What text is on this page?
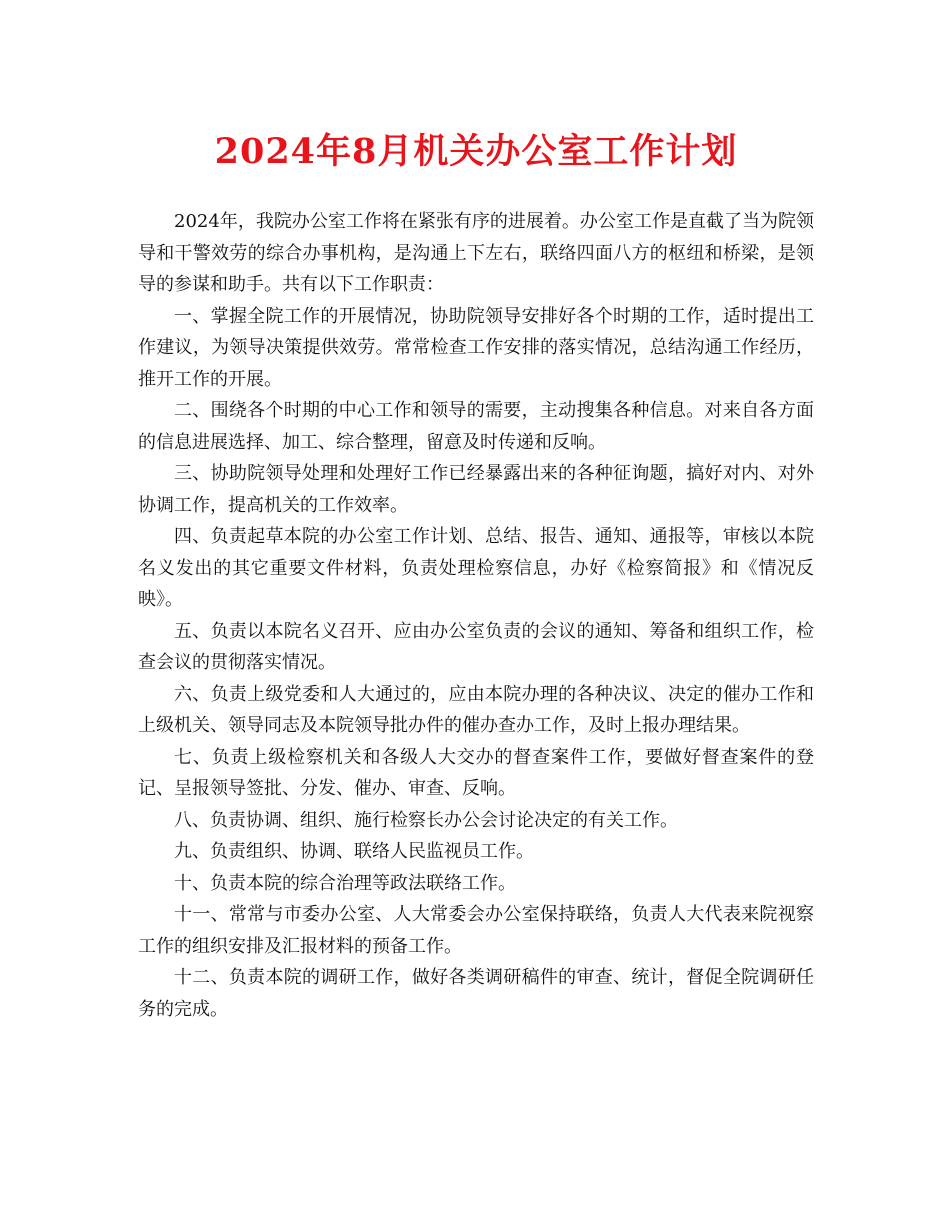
2024年8月机关办公室工作计划

2024年，我院办公室工作将在紧张有序的进展着。办公室工作是直截了当为院领导和干警效劳的综合办事机构，是沟通上下左右，联络四面八方的枢纽和桥梁，是领导的参谋和助手。共有以下工作职责：

一、掌握全院工作的开展情况，协助院领导安排好各个时期的工作，适时提出工作建议，为领导决策提供效劳。常常检查工作安排的落实情况，总结沟通工作经历，推开工作的开展。

二、围绕各个时期的中心工作和领导的需要，主动搜集各种信息。对来自各方面的信息进展选择、加工、综合整理，留意及时传递和反响。

三、协助院领导处理和处理好工作已经暴露出来的各种征询题，搞好对内、对外协调工作，提高机关的工作效率。

四、负责起草本院的办公室工作计划、总结、报告、通知、通报等，审核以本院名义发出的其它重要文件材料，负责处理检察信息，办好《检察简报》和《情况反映》。

五、负责以本院名义召开、应由办公室负责的会议的通知、筹备和组织工作，检查会议的贯彻落实情况。

六、负责上级党委和人大通过的，应由本院办理的各种决议、决定的催办工作和上级机关、领导同志及本院领导批办件的催办查办工作，及时上报办理结果。

七、负责上级检察机关和各级人大交办的督查案件工作，要做好督查案件的登记、呈报领导签批、分发、催办、审查、反响。

八、负责协调、组织、施行检察长办公会讨论决定的有关工作。

九、负责组织、协调、联络人民监视员工作。

十、负责本院的综合治理等政法联络工作。

十一、常常与市委办公室、人大常委会办公室保持联络，负责人大代表来院视察工作的组织安排及汇报材料的预备工作。

十二、负责本院的调研工作，做好各类调研稿件的审查、统计，督促全院调研任务的完成。
